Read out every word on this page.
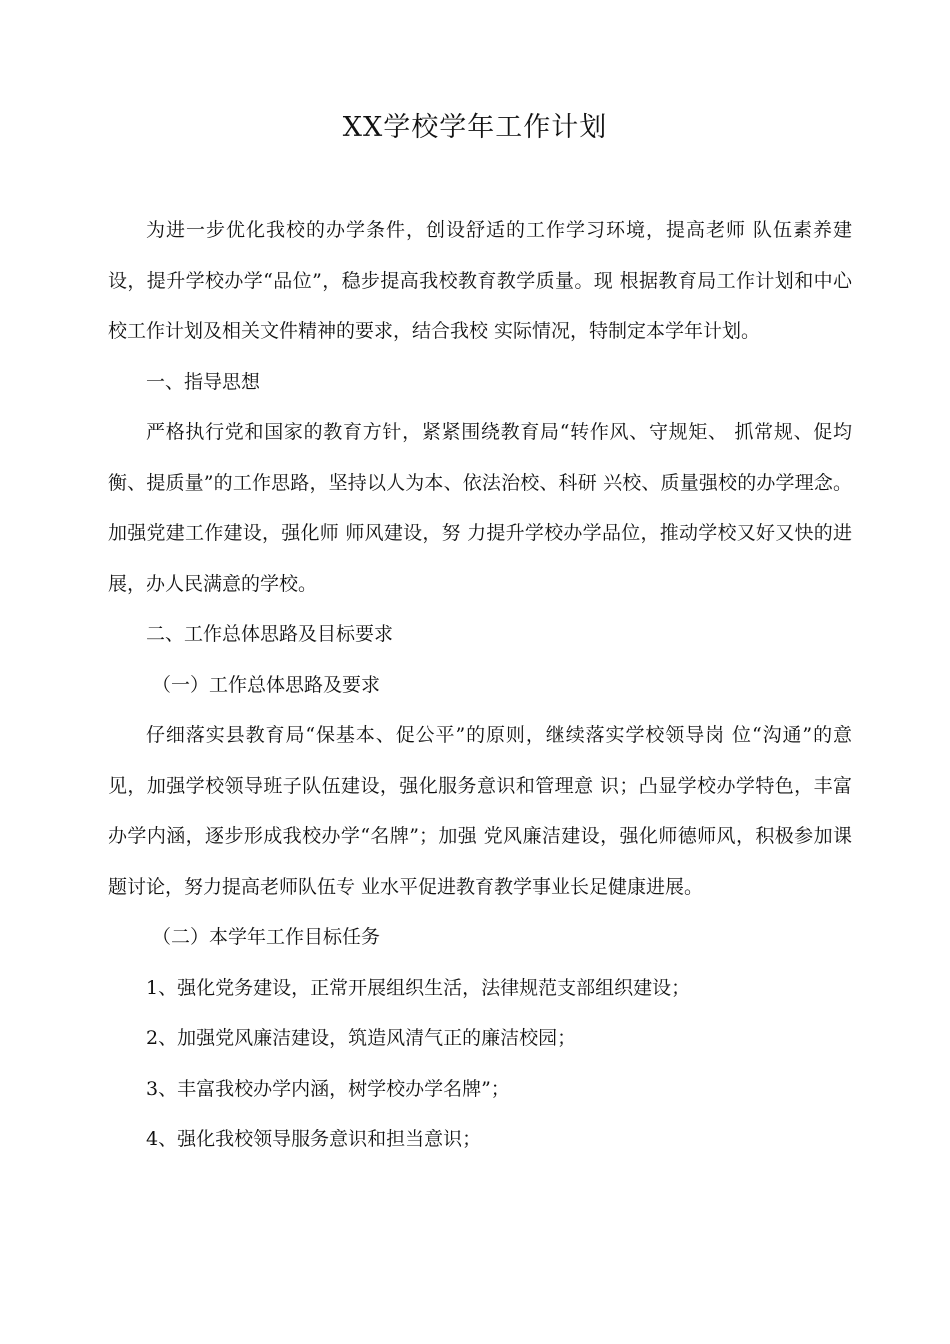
XX学校学年工作计划

为进一步优化我校的办学条件，创设舒适的工作学习环境，提高老师 队伍素养建设，提升学校办学“品位”，稳步提高我校教育教学质量。现 根据教育局工作计划和中心校工作计划及相关文件精神的要求，结合我校 实际情况，特制定本学年计划。

一、指导思想

严格执行党和国家的教育方针，紧紧围绕教育局“转作风、守规矩、 抓常规、促均衡、提质量”的工作思路，坚持以人为本、依法治校、科研 兴校、质量强校的办学理念。加强党建工作建设，强化师 师风建设，努 力提升学校办学品位，推动学校又好又快的进展，办人民满意的学校。

二、工作总体思路及目标要求

（一）工作总体思路及要求

仔细落实县教育局“保基本、促公平”的原则，继续落实学校领导岗 位“沟通”的意见，加强学校领导班子队伍建设，强化服务意识和管理意 识；凸显学校办学特色，丰富办学内涵，逐步形成我校办学“名牌”；加强 党风廉洁建设，强化师德师风，积极参加课题讨论，努力提高老师队伍专 业水平促进教育教学事业长足健康进展。

（二）本学年工作目标任务

1、强化党务建设，正常开展组织生活，法律规范支部组织建设；

2、加强党风廉洁建设，筑造风清气正的廉洁校园；

3、丰富我校办学内涵，树学校办学名牌”；

4、强化我校领导服务意识和担当意识；
